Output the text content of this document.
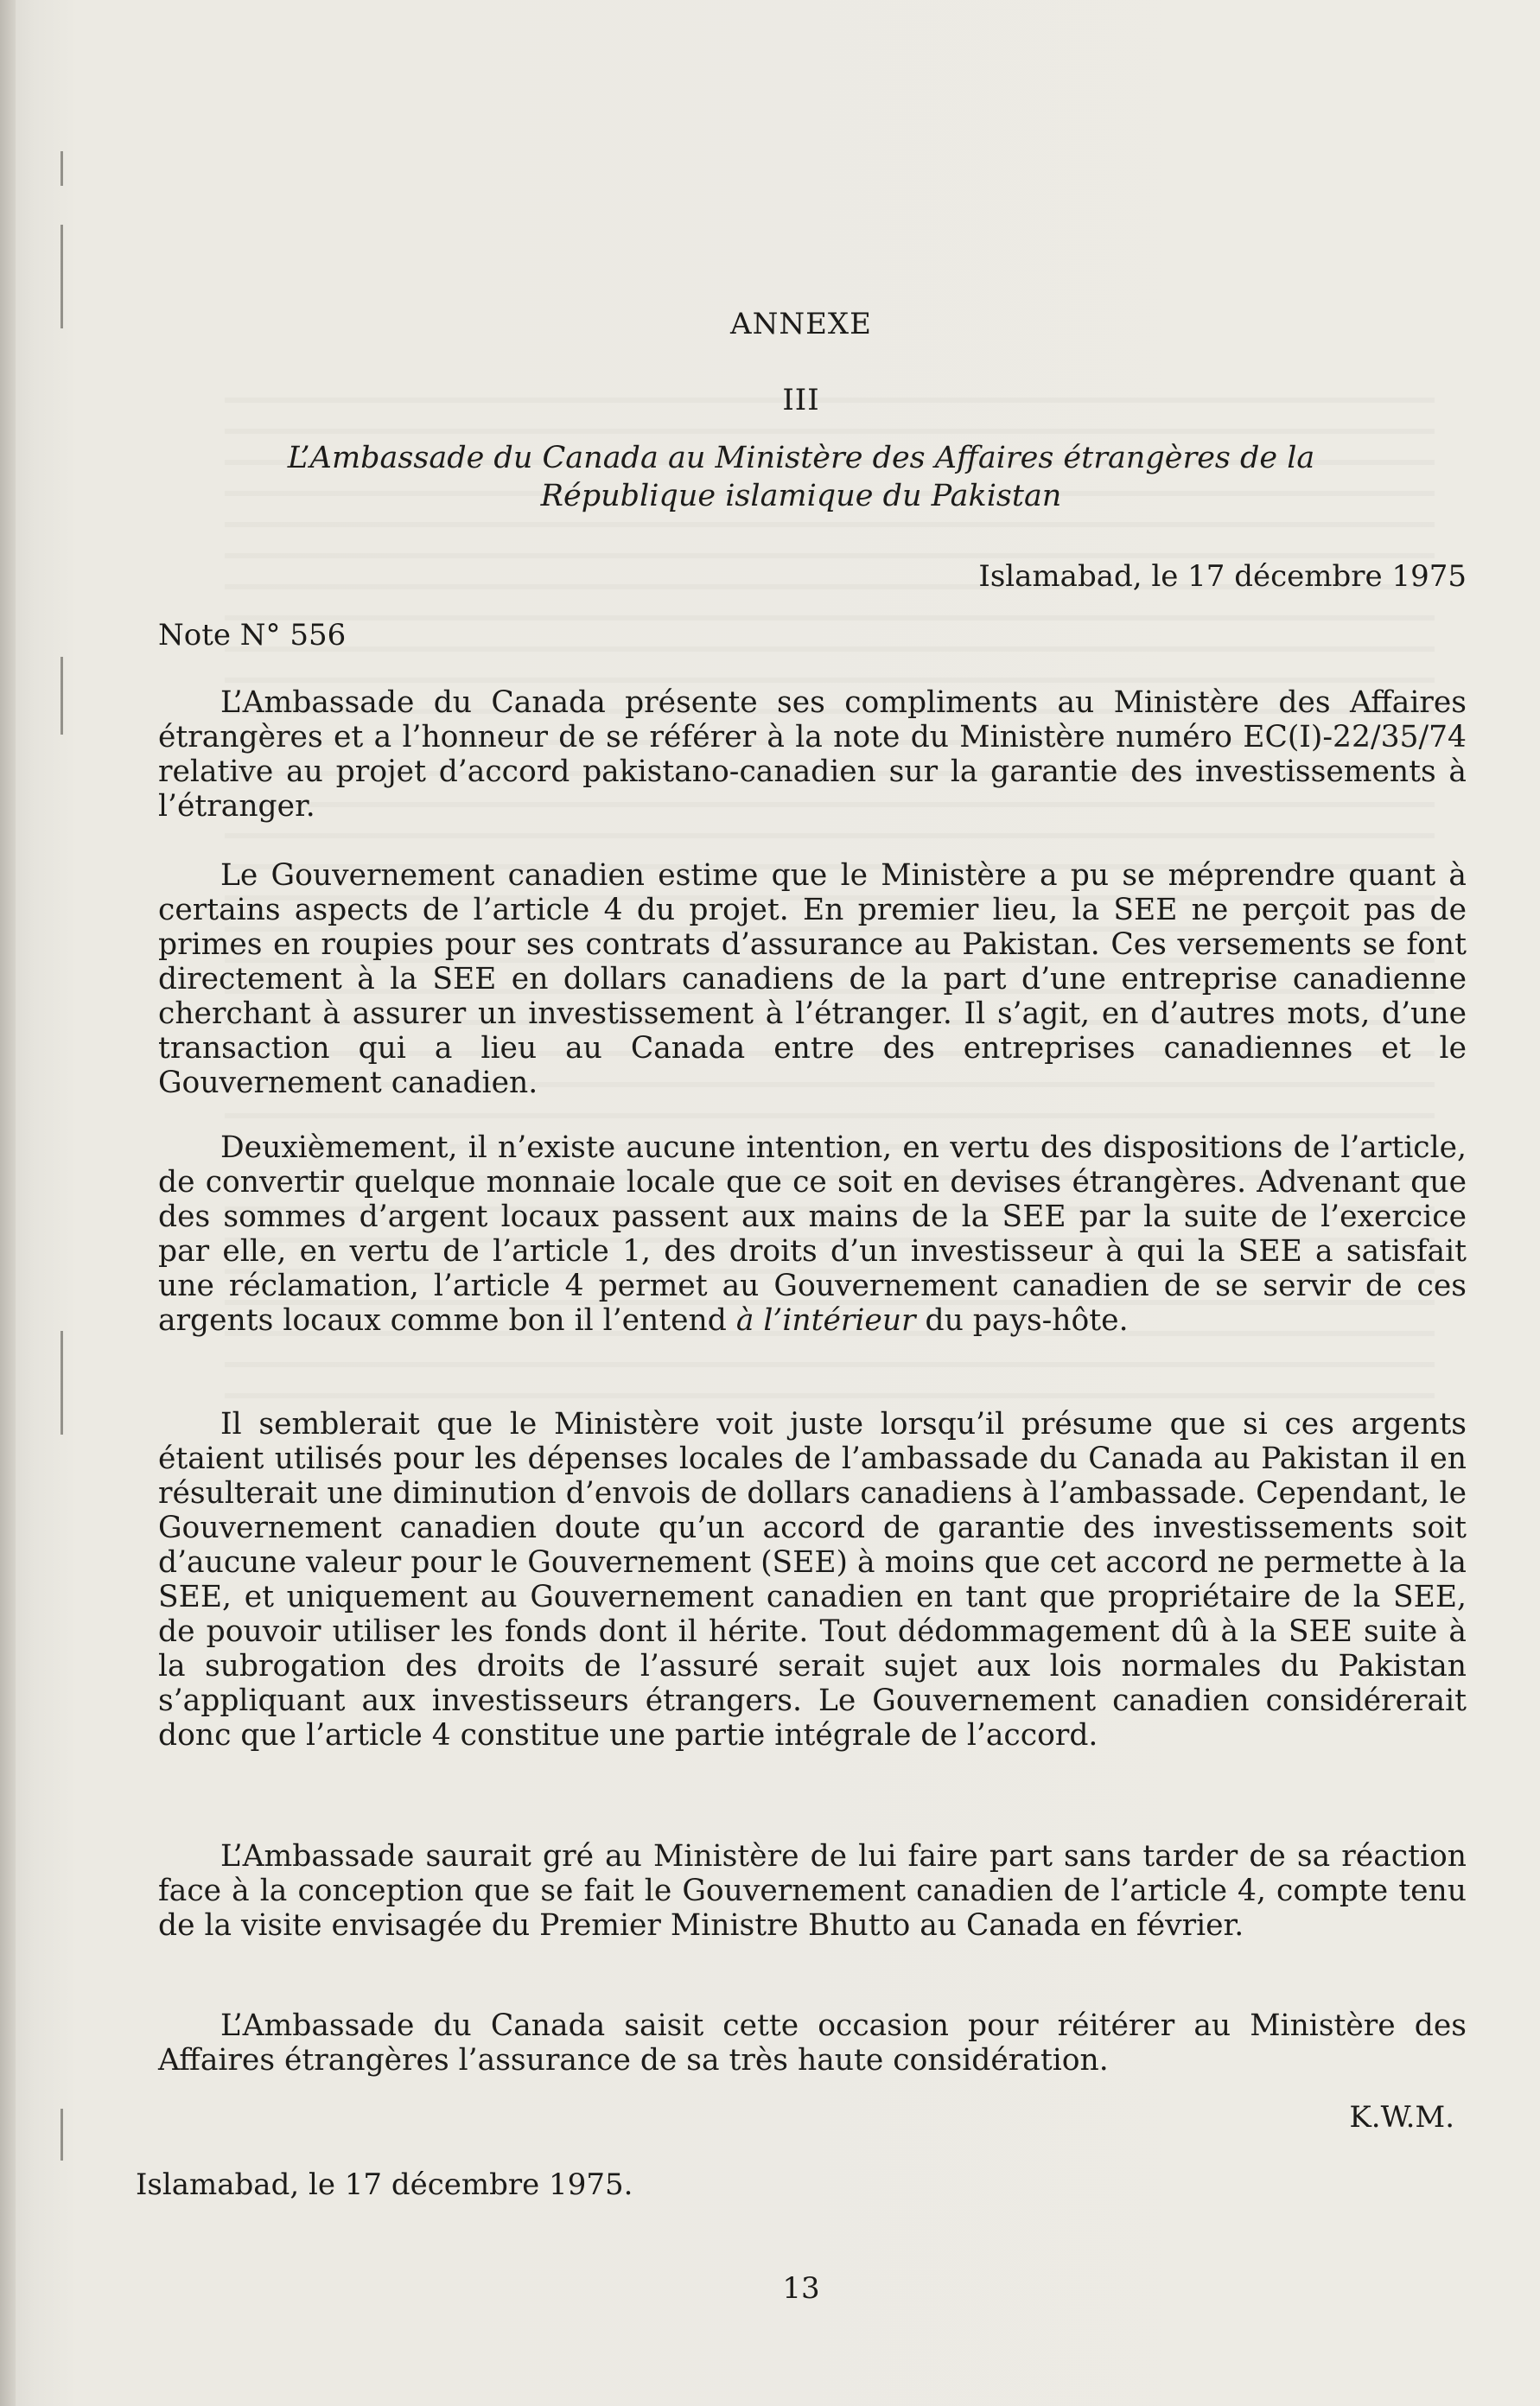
ANNEXE
III
L’Ambassade du Canada au Ministère des Affaires étrangères de la
République islamique du Pakistan
Islamabad, le 17 décembre 1975
Note N° 556
L’Ambassade du Canada présente ses compliments au Ministère des Affaires étrangères et a l’honneur de se référer à la note du Ministère numéro EC(I)-22/35/74 relative au projet d’accord pakistano-canadien sur la garantie des investissements à l’étranger.
Le Gouvernement canadien estime que le Ministère a pu se méprendre quant à certains aspects de l’article 4 du projet. En premier lieu, la SEE ne perçoit pas de primes en roupies pour ses contrats d’assurance au Pakistan. Ces versements se font directement à la SEE en dollars canadiens de la part d’une entreprise canadienne cherchant à assurer un investissement à l’étranger. Il s’agit, en d’autres mots, d’une transaction qui a lieu au Canada entre des entreprises canadiennes et le Gouvernement canadien.
Deuxièmement, il n’existe aucune intention, en vertu des dispositions de l’article, de convertir quelque monnaie locale que ce soit en devises étrangères. Advenant que des sommes d’argent locaux passent aux mains de la SEE par la suite de l’exercice par elle, en vertu de l’article 1, des droits d’un investisseur à qui la SEE a satisfait une réclamation, l’article 4 permet au Gouvernement canadien de se servir de ces argents locaux comme bon il l’entend à l’intérieur du pays-hôte.
Il semblerait que le Ministère voit juste lorsqu’il présume que si ces argents étaient utilisés pour les dépenses locales de l’ambassade du Canada au Pakistan il en résulterait une diminution d’envois de dollars canadiens à l’ambassade. Cependant, le Gouvernement canadien doute qu’un accord de garantie des investissements soit d’aucune valeur pour le Gouvernement (SEE) à moins que cet accord ne permette à la SEE, et uniquement au Gouvernement canadien en tant que propriétaire de la SEE, de pouvoir utiliser les fonds dont il hérite. Tout dédommagement dû à la SEE suite à la subrogation des droits de l’assuré serait sujet aux lois normales du Pakistan s’appliquant aux investisseurs étrangers. Le Gouvernement canadien considérerait donc que l’article 4 constitue une partie intégrale de l’accord.
L’Ambassade saurait gré au Ministère de lui faire part sans tarder de sa réaction face à la conception que se fait le Gouvernement canadien de l’article 4, compte tenu de la visite envisagée du Premier Ministre Bhutto au Canada en février.
L’Ambassade du Canada saisit cette occasion pour réitérer au Ministère des Affaires étrangères l’assurance de sa très haute considération.
K.W.M.
Islamabad, le 17 décembre 1975.
13
